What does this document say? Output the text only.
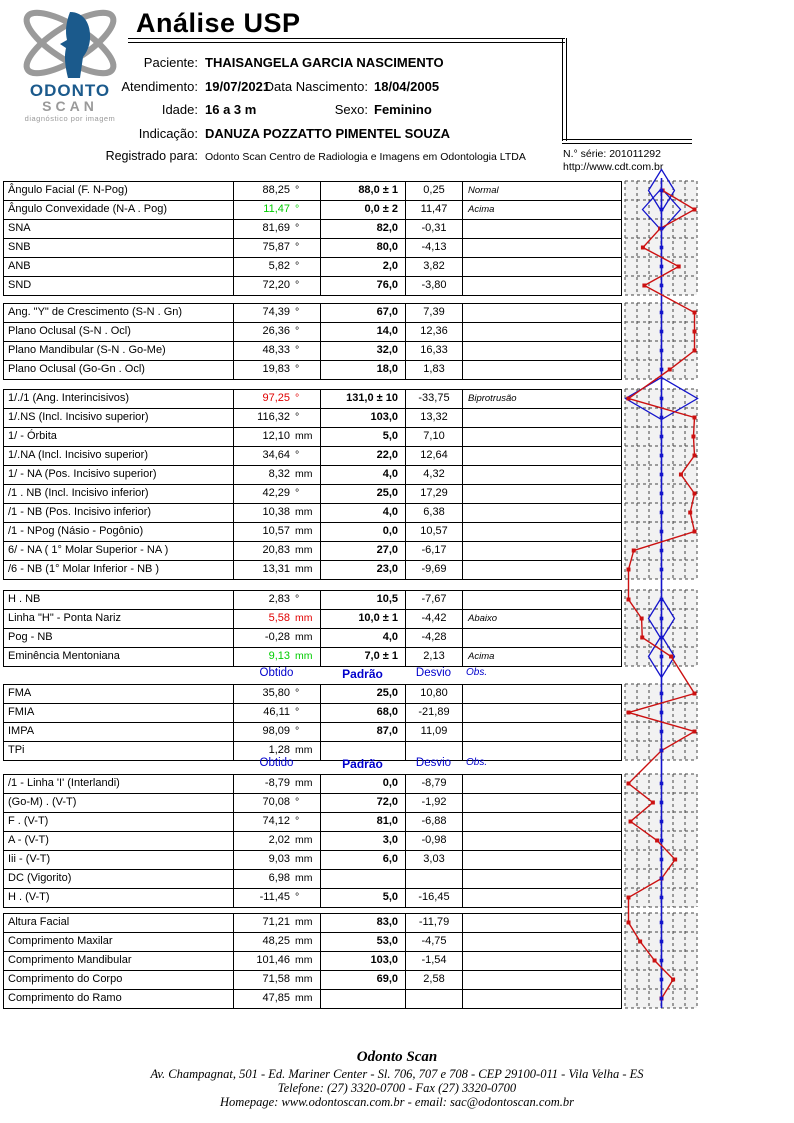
ODONTO
SCAN
diagnóstico por imagem
Análise USP
Paciente: THAISANGELA GARCIA NASCIMENTO
Atendimento: 19/07/2021
Data Nascimento: 18/04/2005
Idade: 16 a 3 m	Sexo: Feminino
Indicação: DANUZA POZZATTO PIMENTEL SOUZA
Registrado para: Odonto Scan Centro de Radiologia e Imagens em Odontologia LTDA	N.° série: 201011292
http://www.cdt.com.br
Ângulo Facial (F. N-Pog)	88,25 °	88,0 ± 1	0,25	Normal
Ângulo Convexidade (N-A . Pog)	11,47 °	0,0 ± 2	11,47	Acima
SNA	81,69 °	82,0	-0,31
SNB	75,87 °	80,0	-4,13
ANB	5,82 °	2,0	3,82
SND	72,20 °	76,0	-3,80
Ang. "Y" de Crescimento (S-N . Gn)	74,39 °	67,0	7,39
Plano Oclusal (S-N . Ocl)	26,36 °	14,0	12,36
Plano Mandibular (S-N . Go-Me)	48,33 °	32,0	16,33
Plano Oclusal (Go-Gn . Ocl)	19,83 °	18,0	1,83
1/./1 (Ang. Interincisivos)	97,25 °	131,0 ± 10	-33,75	Biprotrusão
1/.NS (Incl. Incisivo superior)	116,32 °	103,0	13,32
1/ - Órbita	12,10 mm	5,0	7,10
1/.NA (Incl. Incisivo superior)	34,64 °	22,0	12,64
1/ - NA (Pos. Incisivo superior)	8,32 mm	4,0	4,32
/1 . NB (Incl. Incisivo inferior)	42,29 °	25,0	17,29
/1 - NB (Pos. Incisivo inferior)	10,38 mm	4,0	6,38
/1 - NPog (Násio - Pogônio)	10,57 mm	0,0	10,57
6/ - NA ( 1° Molar Superior - NA )	20,83 mm	27,0	-6,17
/6 - NB (1° Molar Inferior - NB )	13,31 mm	23,0	-9,69
H . NB	2,83 °	10,5	-7,67
Linha "H" - Ponta Nariz	5,58 mm	10,0 ± 1	-4,42	Abaixo
Pog - NB	-0,28 mm	4,0	-4,28
Eminência Mentoniana	9,13 mm	7,0 ± 1	2,13	Acima
FMA	35,80 °	25,0	10,80
FMIA	46,11 °	68,0	-21,89
IMPA	98,09 °	87,0	11,09
TPi	1,28 mm
/1 - Linha 'I' (Interlandi)	-8,79 mm	0,0	-8,79
(Go-M) . (V-T)	70,08 °	72,0	-1,92
F . (V-T)	74,12 °	81,0	-6,88
A - (V-T)	2,02 mm	3,0	-0,98
Iii - (V-T)	9,03 mm	6,0	3,03
DC (Vigorito)	6,98 mm
H . (V-T)	-11,45 °	5,0	-16,45
Altura Facial	71,21 mm	83,0	-11,79
Comprimento Maxilar	48,25 mm	53,0	-4,75
Comprimento Mandibular	101,46 mm	103,0	-1,54
Comprimento do Corpo	71,58 mm	69,0	2,58
Comprimento do Ramo	47,85 mm
Obtido	Padrão	Desvio	Obs.
Obtido	Padrão	Desvio	Obs.
Odonto Scan
Av. Champagnat, 501 - Ed. Mariner Center - Sl. 706, 707 e 708 - CEP 29100-011 - Vila Velha - ES
Telefone: (27) 3320-0700 - Fax (27) 3320-0700
Homepage: www.odontoscan.com.br - email: sac@odontoscan.com.br
